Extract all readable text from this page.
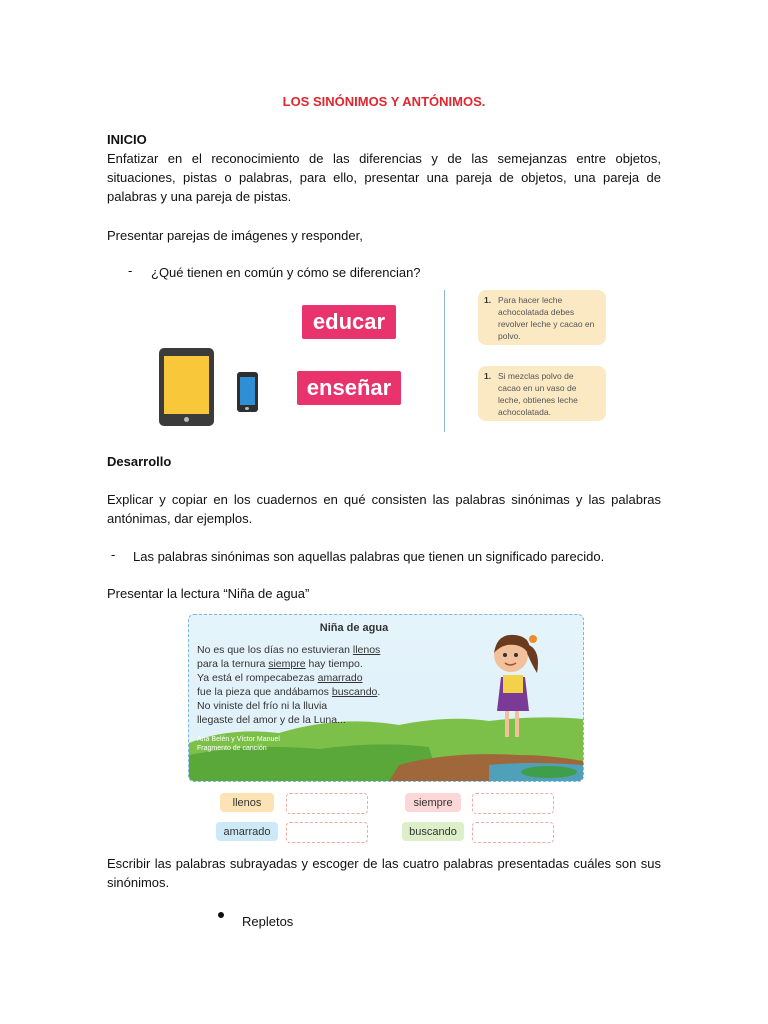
LOS SINÓNIMOS Y ANTÓNIMOS.
INICIO
Enfatizar en el reconocimiento de las diferencias y de las semejanzas entre objetos, situaciones, pistas o palabras, para ello, presentar una pareja de objetos, una pareja de palabras y una pareja de pistas.
Presentar parejas de imágenes y responder,
- ¿Qué tienen en común y cómo se diferencian?
educar
enseñar
1. Para hacer leche achocolatada debes revolver leche y cacao en polvo.
1. Si mezclas polvo de cacao en un vaso de leche, obtienes leche achocolatada.
Desarrollo
Explicar y copiar en los cuadernos en qué consisten las palabras sinónimas y las palabras antónimas, dar ejemplos.
- Las palabras sinónimas son aquellas palabras que tienen un significado parecido.
Presentar la lectura “Niña de agua”
Niña de agua
No es que los días no estuvieran llenos
para la ternura siempre hay tiempo.
Ya está el rompecabezas amarrado
fue la pieza que andábamos buscando.
No viniste del frío ni la lluvia
llegaste del amor y de la Luna...
Ana Belén y Víctor Manuel
Fragmento de canción
llenos	siempre
amarrado	buscando
Escribir las palabras subrayadas y escoger de las cuatro palabras presentadas cuáles son sus sinónimos.
Repletos
